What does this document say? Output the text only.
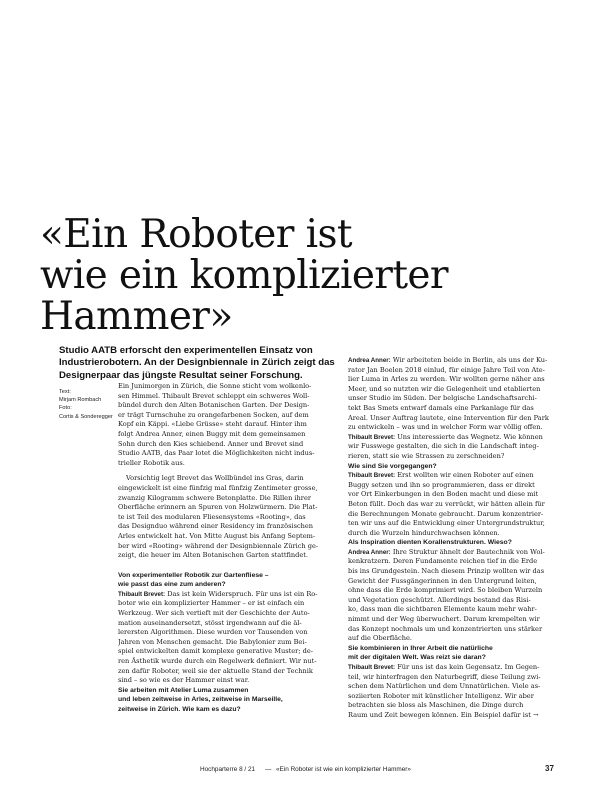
«Ein Roboter ist
wie ein komplizierter
Hammer»

Studio AATB erforscht den experimentellen Einsatz von
Industrierobotern. An der Designbiennale in Zürich zeigt das
Designerpaar das jüngste Resultat seiner Forschung.

Text:
Mirjam Rombach
Foto:
Cortis & Sonderegger
Ein Junimorgen in Zürich, die Sonne sticht vom wolkenlo-
sen Himmel. Thibault Brevet schleppt ein schweres Woll-
bündel durch den Alten Botanischen Garten. Der Design-
er trägt Turnschuhe zu orangefarbenen Socken, auf dem
Kopf ein Käppi. «Liebe Grüsse» steht darauf. Hinter ihm
folgt Andrea Anner, einen Buggy mit dem gemeinsamen
Sohn durch den Kies schiebend. Anner und Brevet sind
Studio AATB, das Paar lotet die Möglichkeiten nicht indus-
trieller Robotik aus.
Vorsichtig legt Brevet das Wollbündel ins Gras, darin
eingewickelt ist eine fünfzig mal fünfzig Zentimeter grosse,
zwanzig Kilogramm schwere Betonplatte. Die Rillen ihrer
Oberfläche erinnern an Spuren von Holzwürmern. Die Plat-
te ist Teil des modularen Fliesensystems «Rooting», das
das Designduo während einer Residency im französischen
Arles entwickelt hat. Von Mitte August bis Anfang Septem-
ber wird «Rooting» während der Designbiennale Zürich ge-
zeigt, die heuer im Alten Botanischen Garten stattfindet.
Von experimenteller Robotik zur Gartenfliese –
wie passt das eine zum anderen?
Thibault Brevet: Das ist kein Widerspruch. Für uns ist ein Ro-
boter wie ein komplizierter Hammer – er ist einfach ein
Werkzeug. Wer sich vertieft mit der Geschichte der Auto-
mation auseinandersetzt, stösst irgendwann auf die äl-
lerersten Algorithmen. Diese wurden vor Tausenden von
Jahren von Menschen gemacht. Die Babylonier zum Bei-
spiel entwickelten damit komplexe generative Muster; de-
ren Ästhetik wurde durch ein Regelwerk definiert. Wir nut-
zen dafür Roboter, weil sie der aktuelle Stand der Technik
sind – so wie es der Hammer einst war.
Sie arbeiten mit Atelier Luma zusammen
und leben zeitweise in Arles, zeitweise in Marseille,
zeitweise in Zürich. Wie kam es dazu?
Andrea Anner: Wir arbeiteten beide in Berlin, als uns der Ku-
rator Jan Boelen 2018 einlud, für einige Jahre Teil von Ate-
lier Luma in Arles zu werden. Wir wollten gerne näher ans
Meer, und so nutzten wir die Gelegenheit und etablierten
unser Studio im Süden. Der belgische Landschaftsarchi-
tekt Bas Smets entwarf damals eine Parkanlage für das
Areal. Unser Auftrag lautete, eine Intervention für den Park
zu entwickeln – was und in welcher Form war völlig offen.
Thibault Brevet: Uns interessierte das Wegnetz. Wie können
wir Fusswege gestalten, die sich in die Landschaft integ-
rieren, statt sie wie Strassen zu zerschneiden?
Wie sind Sie vorgegangen?
Thibault Brevet: Erst wollten wir einen Roboter auf einen
Buggy setzen und ihn so programmieren, dass er direkt
vor Ort Einkerbungen in den Boden macht und diese mit
Beton füllt. Doch das war zu verrückt, wir hätten allein für
die Berechnungen Monate gebraucht. Darum konzentrier-
ten wir uns auf die Entwicklung einer Untergrundstruktur,
durch die Wurzeln hindurchwachsen können.
Als Inspiration dienten Korallenstrukturen. Wieso?
Andrea Anner: Ihre Struktur ähnelt der Bautechnik von Wol-
kenkratzern. Deren Fundamente reichen tief in die Erde
bis ins Grundgestein. Nach diesem Prinzip wollten wir das
Gewicht der Fussgängerinnen in den Untergrund leiten,
ohne dass die Erde komprimiert wird. So bleiben Wurzeln
und Vegetation geschützt. Allerdings bestand das Risi-
ko, dass man die sichtbaren Elemente kaum mehr wahr-
nimmt und der Weg überwuchert. Darum krempelten wir
das Konzept nochmals um und konzentrierten uns stärker
auf die Oberfläche.
Sie kombinieren in Ihrer Arbeit die natürliche
mit der digitalen Welt. Was reizt sie daran?
Thibault Brevet: Für uns ist das kein Gegensatz. Im Gegen-
teil, wir hinterfragen den Naturbegriff, diese Teilung zwi-
schen dem Natürlichen und dem Unnatürlichen. Viele as-
soziierten Roboter mit künstlicher Intelligenz. Wir aber
betrachten sie bloss als Maschinen, die Dinge durch
Raum und Zeit bewegen können. Ein Beispiel dafür ist →
Hochparterre 8 / 21 — «Ein Roboter ist wie ein komplizierter Hammer»	37
